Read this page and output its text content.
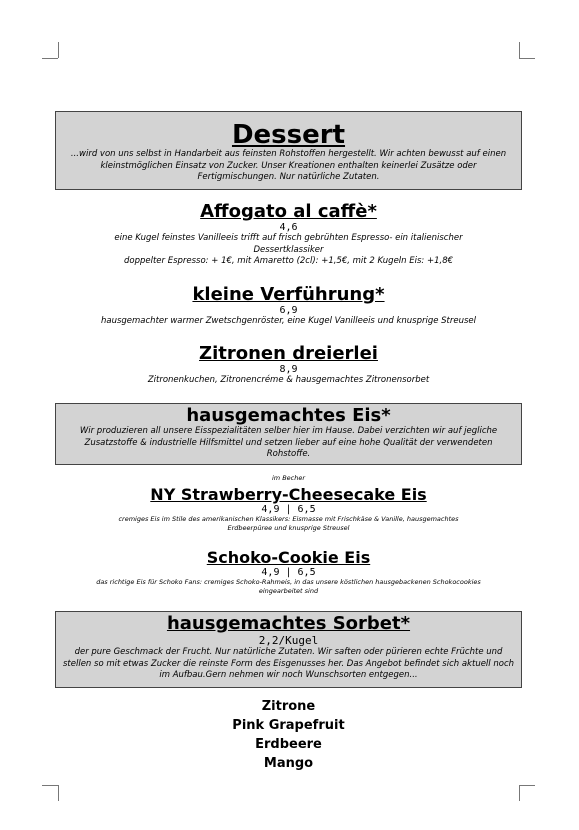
Dessert
...wird von uns selbst in Handarbeit aus feinsten Rohstoffen hergestellt. Wir achten bewusst auf einen kleinstmöglichen Einsatz von Zucker. Unser Kreationen enthalten keinerlei Zusätze oder Fertigmischungen. Nur natürliche Zutaten.
Affogato al caffè*
4,6
eine Kugel feinstes Vanilleeis trifft auf frisch gebrühten Espresso- ein italienischer Dessertklassiker
doppelter Espresso: + 1€, mit Amaretto (2cl): +1,5€, mit 2 Kugeln Eis: +1,8€
kleine Verführung*
6,9
hausgemachter warmer Zwetschgenröster, eine Kugel Vanilleeis und knusprige Streusel
Zitronen dreierlei
8,9
Zitronenkuchen, Zitronencréme & hausgemachtes Zitronensorbet
hausgemachtes Eis*
Wir produzieren all unsere Eisspezialitäten selber hier im Hause. Dabei verzichten wir auf jegliche Zusatzstoffe & industrielle Hilfsmittel und setzen lieber auf eine hohe Qualität der verwendeten Rohstoffe.
im Becher
NY Strawberry-Cheesecake Eis
4,9 | 6,5
cremiges Eis im Stile des amerikanischen Klassikers: Eismasse mit Frischkäse & Vanille, hausgemachtes Erdbeerpüree und knusprige Streusel
Schoko-Cookie Eis
4,9 | 6,5
das richtige Eis für Schoko Fans: cremiges Schoko-Rahmeis, in das unsere köstlichen hausgebackenen Schokocookies eingearbeitet sind
hausgemachtes Sorbet*
2,2/Kugel
der pure Geschmack der Frucht. Nur natürliche Zutaten. Wir saften oder pürieren echte Früchte und stellen so mit etwas Zucker die reinste Form des Eisgenusses her. Das Angebot befindet sich aktuell noch im Aufbau.Gern nehmen wir noch Wunschsorten entgegen...
Zitrone
Pink Grapefruit
Erdbeere
Mango
